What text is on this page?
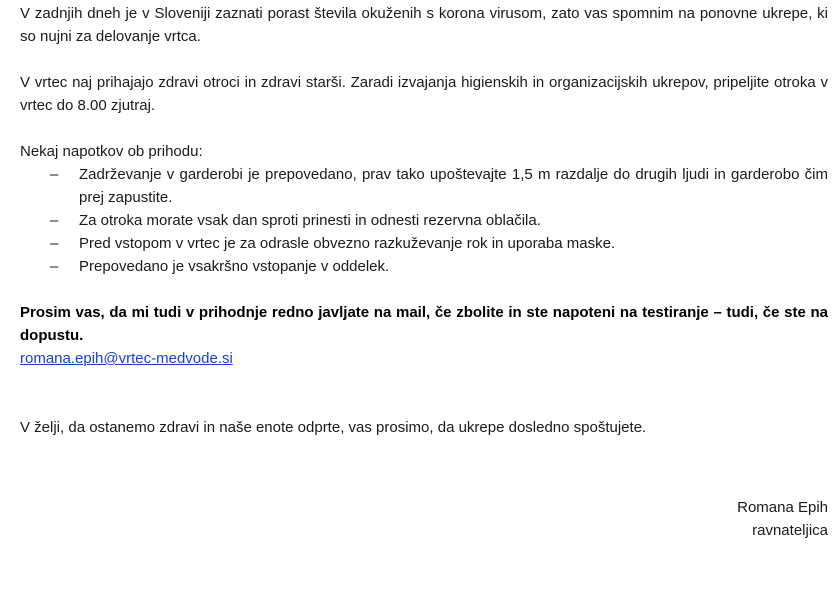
V zadnjih dneh je v Sloveniji zaznati porast števila okuženih s korona virusom, zato vas spomnim na ponovne ukrepe, ki so nujni za delovanje vrtca.

V vrtec naj prihajajo zdravi otroci in zdravi starši. Zaradi izvajanja higienskih in organizacijskih ukrepov, pripeljite otroka v vrtec do 8.00 zjutraj.

Nekaj napotkov ob prihodu:

– Zadrževanje v garderobi je prepovedano, prav tako upoštevajte 1,5 m razdalje do drugih ljudi in garderobo čim prej zapustite.
– Za otroka morate vsak dan sproti prinesti in odnesti rezervna oblačila.
– Pred vstopom v vrtec je za odrasle obvezno razkuževanje rok in uporaba maske.
– Prepovedano je vsakršno vstopanje v oddelek.

Prosim vas, da mi tudi v prihodnje redno javljate na mail, če zbolite in ste napoteni na testiranje – tudi, če ste na dopustu.

romana.epih@vrtec-medvode.si

V želji, da ostanemo zdravi in naše enote odprte, vas prosimo, da ukrepe dosledno spoštujete.

Romana Epih
ravnateljica
